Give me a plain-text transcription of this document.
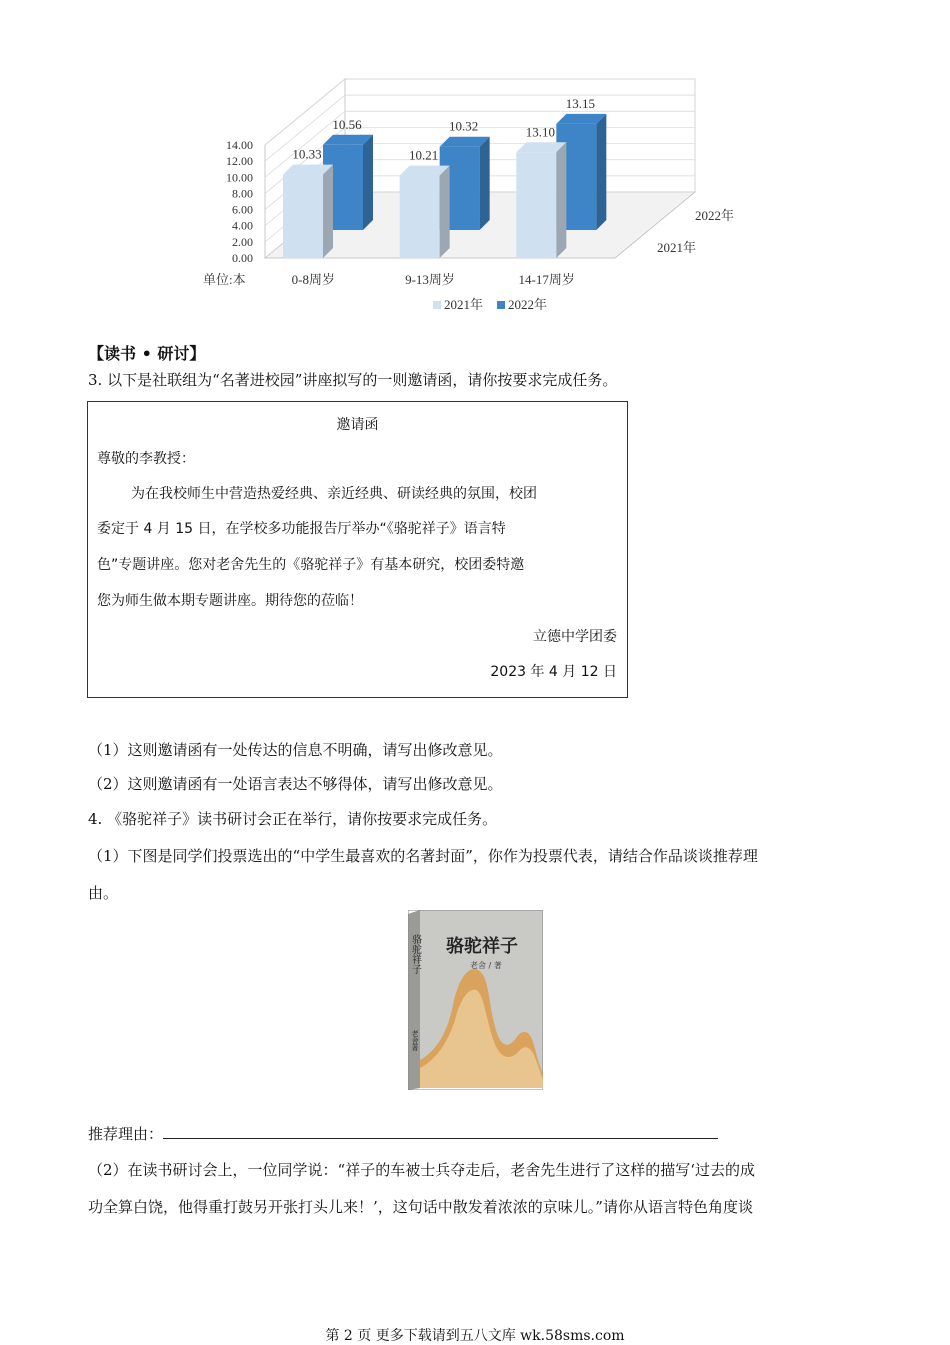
14.00
12.00
10.00
8.00
6.00
4.00
2.00
0.00
0-8周岁	9-13周岁	14-17周岁
10.56	10.32
13.15
10.33	10.21
13.10
单位:本
2022年
2021年
2021年 2022年
【读书 • 研讨】
3. 以下是社联组为“名著进校园”讲座拟写的一则邀请函，请你按要求完成任务。
邀请函
尊敬的李教授：
为在我校师生中营造热爱经典、亲近经典、研读经典的氛围，校团
委定于 4 月 15 日，在学校多功能报告厅举办“《骆驼祥子》语言特
色”专题讲座。您对老舍先生的《骆驼祥子》有基本研究，校团委特邀
您为师生做本期专题讲座。期待您的莅临！
立德中学团委
2023 年 4 月 12 日
（1）这则邀请函有一处传达的信息不明确，请写出修改意见。
（2）这则邀请函有一处语言表达不够得体，请写出修改意见。
4. 《骆驼祥子》读书研讨会正在举行，请你按要求完成任务。
（1）下图是同学们投票选出的“中学生最喜欢的名著封面”，你作为投票代表，请结合作品谈谈推荐理
由。
骆驼祥子
老舍 / 著
骆驼祥子
老舍著
推荐理由：
（2）在读书研讨会上，一位同学说：“祥子的车被士兵夺走后，老舍先生进行了这样的描写‘过去的成
功全算白饶，他得重打鼓另开张打头儿来！’，这句话中散发着浓浓的京味儿。”请你从语言特色角度谈
第 2 页 更多下载请到五八文库 wk.58sms.com
